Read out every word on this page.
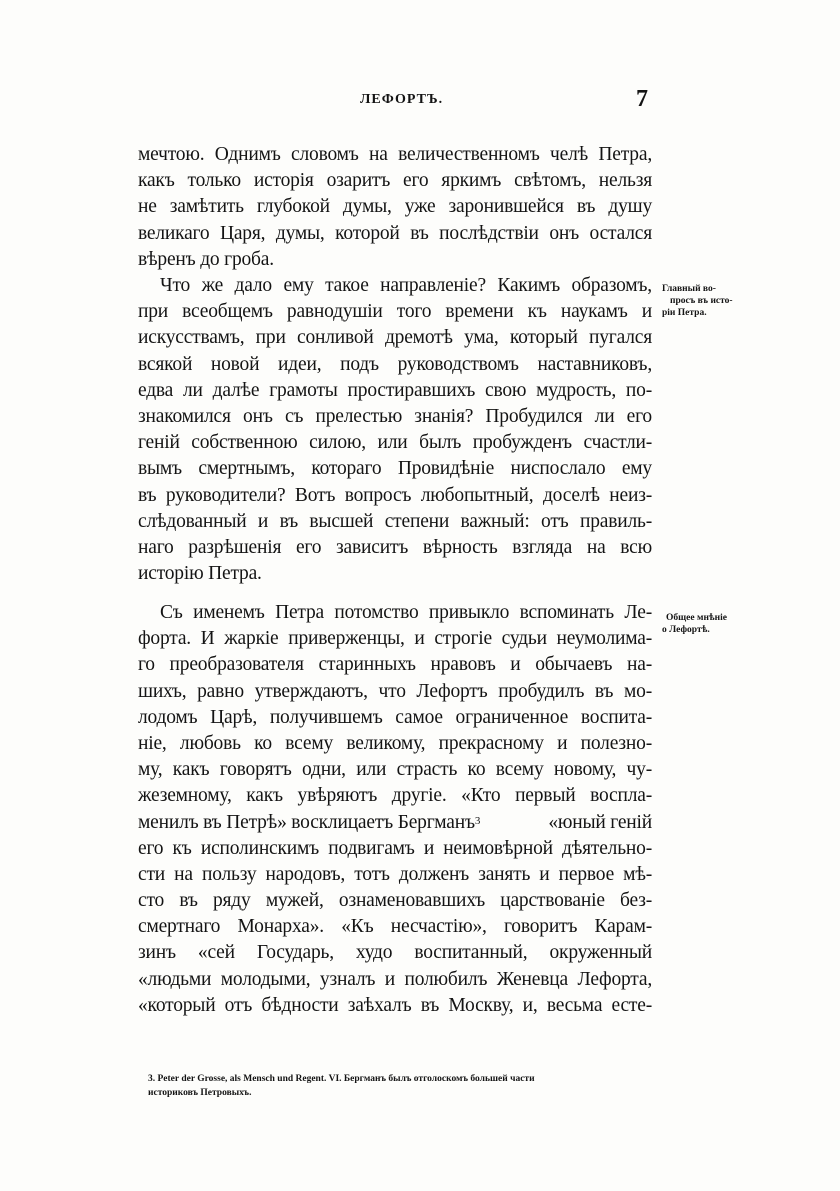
ЛЕФОРТЪ.	7
мечтою. Однимъ словомъ на величественномъ челѣ Петра,
какъ только исторія озаритъ его яркимъ свѣтомъ, нельзя
не замѣтить глубокой думы, уже заронившейся въ душу
великаго Царя, думы, которой въ послѣдствіи онъ остался
вѣренъ до гроба.
Что же дало ему такое направленіе? Какимъ образомъ,
при всеобщемъ равнодушіи того времени къ наукамъ и
искусствамъ, при сонливой дремотѣ ума, который пугался
всякой новой идеи, подъ руководствомъ наставниковъ,
едва ли далѣе грамоты простиравшихъ свою мудрость, по-
знакомился онъ съ прелестью знанія? Пробудился ли его
геній собственною силою, или былъ пробужденъ счастли-
вымъ смертнымъ, котораго Провидѣніе ниспослало ему
въ руководители? Вотъ вопросъ любопытный, доселѣ неиз-
слѣдованный и въ высшей степени важный: отъ правиль-
наго разрѣшенія его зависитъ вѣрность взгляда на всю
исторію Петра.
Съ именемъ Петра потомство привыкло вспоминать Ле-
форта. И жаркіе приверженцы, и строгіе судьи неумолима-
го преобразователя старинныхъ нравовъ и обычаевъ на-
шихъ, равно утверждаютъ, что Лефортъ пробудилъ въ мо-
лодомъ Царѣ, получившемъ самое ограниченное воспита-
ніе, любовь ко всему великому, прекрасному и полезно-
му, какъ говорятъ одни, или страсть ко всему новому, чу-
жеземному, какъ увѣряютъ другіе. «Кто первый воспла-
менилъ въ Петрѣ» восклицаетъ Бергманъ$^3$	«юный геній
его къ исполинскимъ подвигамъ и неимовѣрной дѣятельно-
сти на пользу народовъ, тотъ долженъ занять и первое мѣ-
сто въ ряду мужей, ознаменовавшихъ царствованіе без-
смертнаго Монарха». «Къ несчастію», говоритъ Карам-
зинъ «сей Государь, худо воспитанный, окруженный
«людьми молодыми, узналъ и полюбилъ Женевца Лефорта,
«который отъ бѣдности заѣхалъ въ Москву, и, весьма есте-
Главный во-
просъ въ исто-
ріи Петра.
Общее мнѣніе
о Лефортѣ.
3. Peter der Grosse, als Mensch und Regent. VI. Бергманъ былъ отголоскомъ большей части
историковъ Петровыхъ.
